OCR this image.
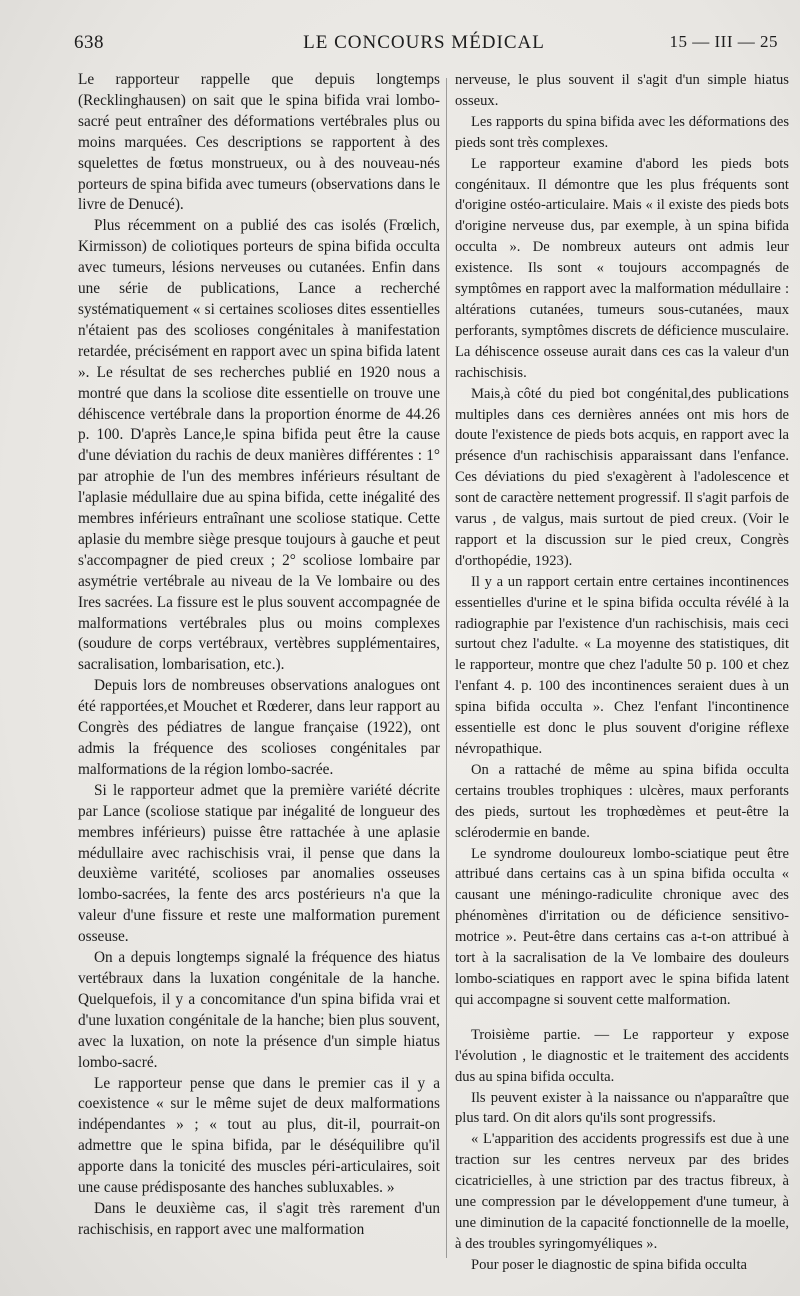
638	LE CONCOURS MÉDICAL	15 — III — 25

Le rapporteur rappelle que depuis longtemps (Recklinghausen) on sait que le spina bifida vrai lombo-sacré peut entraîner des déformations vertébrales plus ou moins marquées. Ces descriptions se rapportent à des squelettes de fœtus monstrueux, ou à des nouveau-nés porteurs de spina bifida avec tumeurs (observations dans le livre de Denucé).

Plus récemment on a publié des cas isolés (Frœlich, Kirmisson) de coliotiques porteurs de spina bifida occulta avec tumeurs, lésions nerveuses ou cutanées. Enfin dans une série de publications, Lance a recherché systématiquement « si certaines scolioses dites essentielles n'étaient pas des scolioses congénitales à manifestation retardée, précisément en rapport avec un spina bifida latent ». Le résultat de ses recherches publié en 1920 nous a montré que dans la scoliose dite essentielle on trouve une déhiscence vertébrale dans la proportion énorme de 44.26 p. 100. D'après Lance,le spina bifida peut être la cause d'une déviation du rachis de deux manières différentes : 1° par atrophie de l'un des membres inférieurs résultant de l'aplasie médullaire due au spina bifida, cette inégalité des membres inférieurs entraînant une scoliose statique. Cette aplasie du membre siège presque toujours à gauche et peut s'accompagner de pied creux ; 2° scoliose lombaire par asymétrie vertébrale au niveau de la Ve lombaire ou des Ires sacrées. La fissure est le plus souvent accompagnée de malformations vertébrales plus ou moins complexes (soudure de corps vertébraux, vertèbres supplémentaires, sacralisation, lombarisation, etc.).

Depuis lors de nombreuses observations analogues ont été rapportées,et Mouchet et Rœderer, dans leur rapport au Congrès des pédiatres de langue française (1922), ont admis la fréquence des scolioses congénitales par malformations de la région lombo-sacrée.

Si le rapporteur admet que la première variété décrite par Lance (scoliose statique par inégalité de longueur des membres inférieurs) puisse être rattachée à une aplasie médullaire avec rachischisis vrai, il pense que dans la deuxième varitété, scolioses par anomalies osseuses lombo-sacrées, la fente des arcs postérieurs n'a que la valeur d'une fissure et reste une malformation purement osseuse.

On a depuis longtemps signalé la fréquence des hiatus vertébraux dans la luxation congénitale de la hanche. Quelquefois, il y a concomitance d'un spina bifida vrai et d'une luxation congénitale de la hanche; bien plus souvent, avec la luxation, on note la présence d'un simple hiatus lombo-sacré.

Le rapporteur pense que dans le premier cas il y a coexistence « sur le même sujet de deux malformations indépendantes » ; « tout au plus, dit-il, pourrait-on admettre que le spina bifida, par le déséquilibre qu'il apporte dans la tonicité des muscles péri-articulaires, soit une cause prédisposante des hanches subluxables. »

Dans le deuxième cas, il s'agit très rarement d'un rachischisis, en rapport avec une malformation

nerveuse, le plus souvent il s'agit d'un simple hiatus osseux.

Les rapports du spina bifida avec les déformations des pieds sont très complexes.

Le rapporteur examine d'abord les pieds bots congénitaux. Il démontre que les plus fréquents sont d'origine ostéo-articulaire. Mais « il existe des pieds bots d'origine nerveuse dus, par exemple, à un spina bifida occulta ». De nombreux auteurs ont admis leur existence. Ils sont « toujours accompagnés de symptômes en rapport avec la malformation médullaire : altérations cutanées, tumeurs sous-cutanées, maux perforants, symptômes discrets de déficience musculaire. La déhiscence osseuse aurait dans ces cas la valeur d'un rachischisis.

Mais,à côté du pied bot congénital,des publications multiples dans ces dernières années ont mis hors de doute l'existence de pieds bots acquis, en rapport avec la présence d'un rachischisis apparaissant dans l'enfance. Ces déviations du pied s'exagèrent à l'adolescence et sont de caractère nettement progressif. Il s'agit parfois de varus , de valgus, mais surtout de pied creux. (Voir le rapport et la discussion sur le pied creux, Congrès d'orthopédie, 1923).

Il y a un rapport certain entre certaines incontinences essentielles d'urine et le spina bifida occulta révélé à la radiographie par l'existence d'un rachischisis, mais ceci surtout chez l'adulte. « La moyenne des statistiques, dit le rapporteur, montre que chez l'adulte 50 p. 100 et chez l'enfant 4. p. 100 des incontinences seraient dues à un spina bifida occulta ». Chez l'enfant l'incontinence essentielle est donc le plus souvent d'origine réflexe névropathique.

On a rattaché de même au spina bifida occulta certains troubles trophiques : ulcères, maux perforants des pieds, surtout les trophœdèmes et peut-être la sclérodermie en bande.

Le syndrome douloureux lombo-sciatique peut être attribué dans certains cas à un spina bifida occulta « causant une méningo-radiculite chronique avec des phénomènes d'irritation ou de déficience sensitivo-motrice ». Peut-être dans certains cas a-t-on attribué à tort à la sacralisation de la Ve lombaire des douleurs lombo-sciatiques en rapport avec le spina bifida latent qui accompagne si souvent cette malformation.

Troisième partie. — Le rapporteur y expose l'évolution , le diagnostic et le traitement des accidents dus au spina bifida occulta.

Ils peuvent exister à la naissance ou n'apparaître que plus tard. On dit alors qu'ils sont progressifs.

« L'apparition des accidents progressifs est due à une traction sur les centres nerveux par des brides cicatricielles, à une striction par des tractus fibreux, à une compression par le développement d'une tumeur, à une diminution de la capacité fonctionnelle de la moelle, à des troubles syringomyéliques ».

Pour poser le diagnostic de spina bifida occulta
